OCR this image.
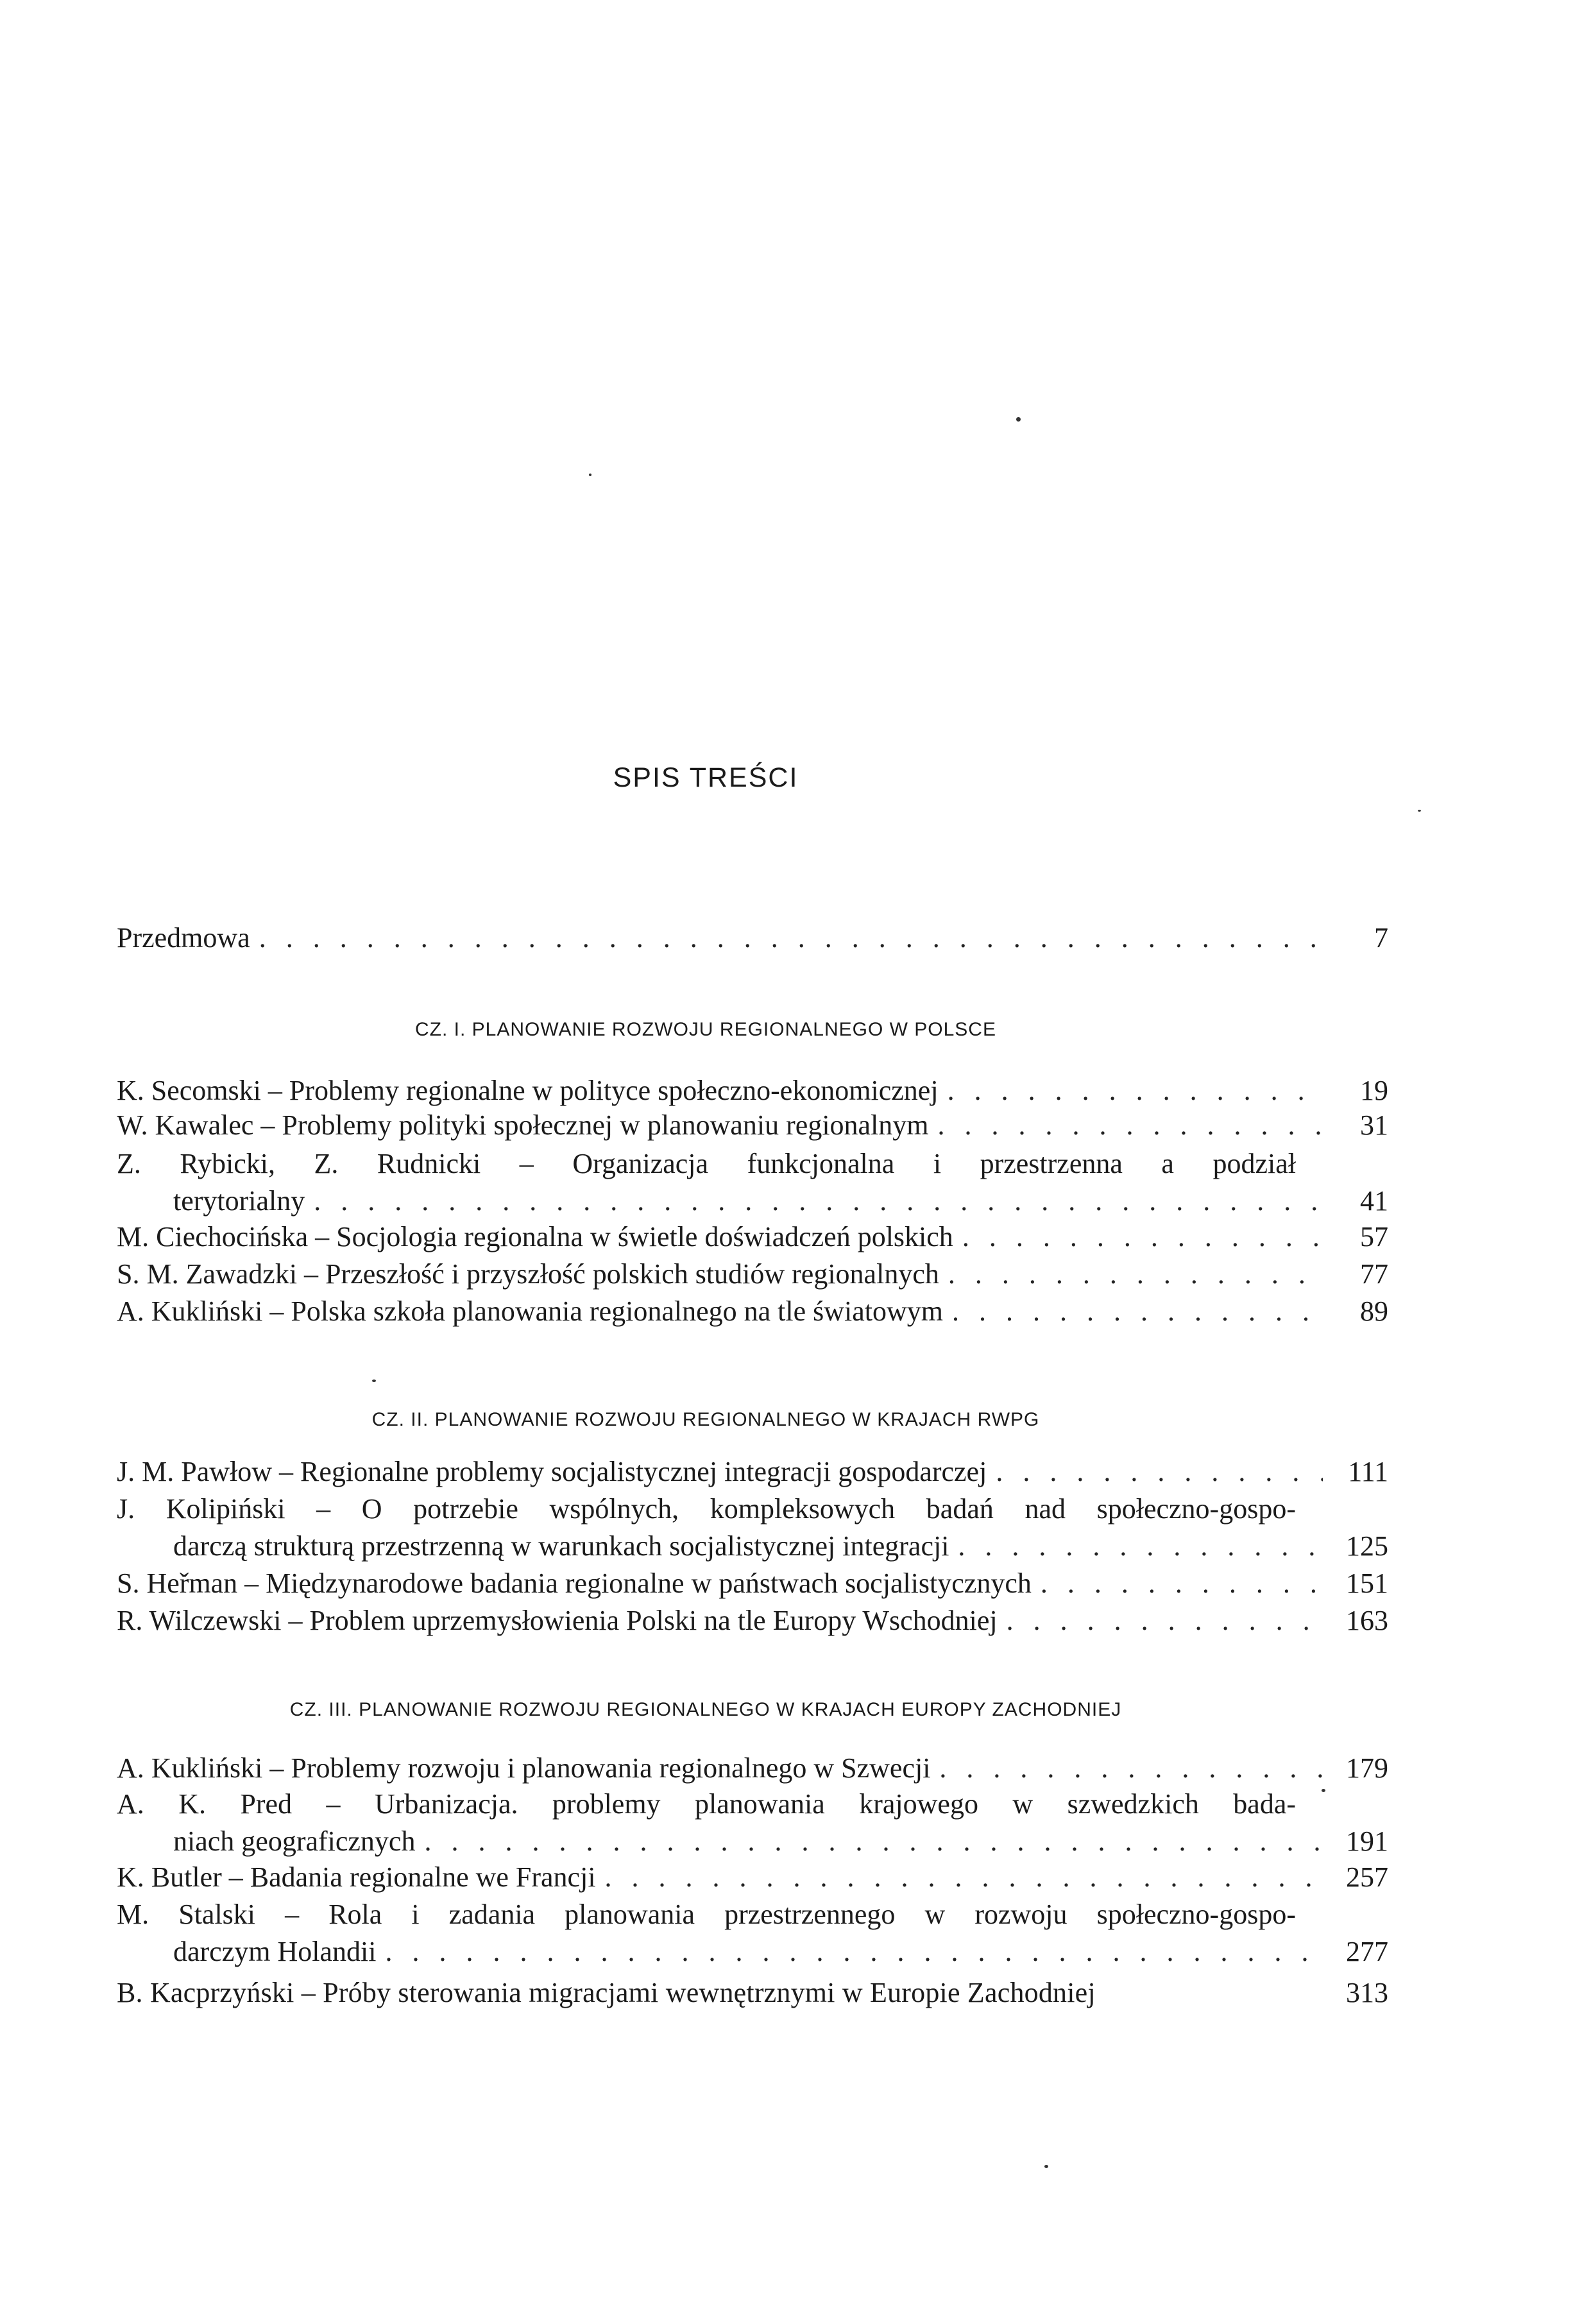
SPIS TREŚCI
Przedmowa . . .	7
CZ. I. PLANOWANIE ROZWOJU REGIONALNEGO W POLSCE
K. Secomski – Problemy regionalne w polityce społeczno-ekonomicznej . . .	19
W. Kawalec – Problemy polityki społecznej w planowaniu regionalnym . . .	31
Z. Rybicki, Z. Rudnicki – Organizacja funkcjonalna i przestrzenna a podział
terytorialny . . .	41
M. Ciechocińska – Socjologia regionalna w świetle doświadczeń polskich . . .	57
S. M. Zawadzki – Przeszłość i przyszłość polskich studiów regionalnych . . .	77
A. Kukliński – Polska szkoła planowania regionalnego na tle światowym . . .	89
CZ. II. PLANOWANIE ROZWOJU REGIONALNEGO W KRAJACH RWPG
J. M. Pawłow – Regionalne problemy socjalistycznej integracji gospodarczej . . .	111
J. Kolipiński – O potrzebie wspólnych, kompleksowych badań nad społeczno-gospo-
darczą strukturą przestrzenną w warunkach socjalistycznej integracji . . .	125
S. Heřman – Międzynarodowe badania regionalne w państwach socjalistycznych . . .	151
R. Wilczewski – Problem uprzemysłowienia Polski na tle Europy Wschodniej . . .	163
CZ. III. PLANOWANIE ROZWOJU REGIONALNEGO W KRAJACH EUROPY ZACHODNIEJ
A. Kukliński – Problemy rozwoju i planowania regionalnego w Szwecji . . .	179
A. K. Pred – Urbanizacja. problemy planowania krajowego w szwedzkich bada-
niach geograficznych . . .	191
K. Butler – Badania regionalne we Francji . . .	257
M. Stalski – Rola i zadania planowania przestrzennego w rozwoju społeczno-gospo-
darczym Holandii . . .	277
B. Kacprzyński – Próby sterowania migracjami wewnętrznymi w Europie Zachodniej	313
